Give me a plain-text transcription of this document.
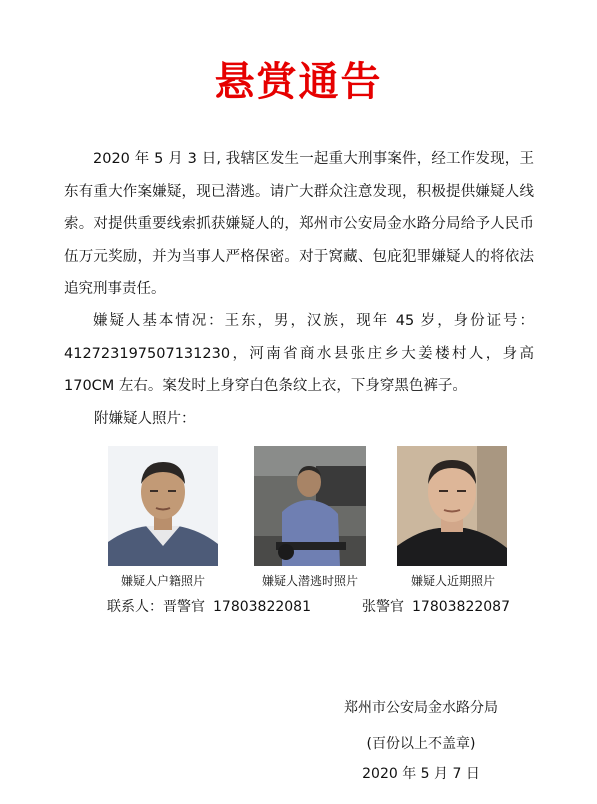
悬赏通告

2020 年 5 月 3 日, 我辖区发生一起重大刑事案件，经工作发现，王东有重大作案嫌疑，现已潜逃。请广大群众注意发现，积极提供嫌疑人线索。对提供重要线索抓获嫌疑人的，郑州市公安局金水路分局给予人民币伍万元奖励，并为当事人严格保密。对于窝藏、包庇犯罪嫌疑人的将依法追究刑事责任。

嫌疑人基本情况：王东，男，汉族，现年 45 岁，身份证号：412723197507131230，河南省商水县张庄乡大姜楼村人，身高 170CM 左右。案发时上身穿白色条纹上衣，下身穿黑色裤子。

附嫌疑人照片：

嫌疑人户籍照片	嫌疑人潜逃时照片	嫌疑人近期照片
联系人：晋警官 17803822081	张警官 17803822087
郑州市公安局金水路分局
(百份以上不盖章)
2020 年 5 月 7 日
